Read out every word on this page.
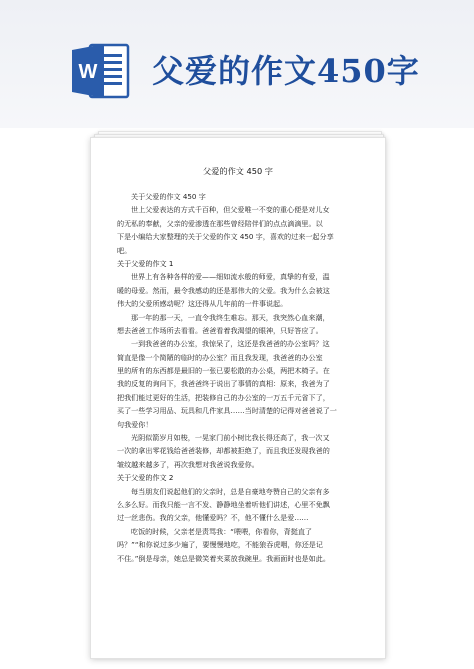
W 父爱的作文450字
父爱的作文 450 字
关于父爱的作文 450 字
世上父爱表达的方式千百种，但父爱唯一不变的重心便是对儿女
的无私的奉献，父亲的爱渗透在那些曾经陪伴们的点点滴滴里。以
下是小编给大家整理的关于父爱的作文 450 字，喜欢的过来一起分享
吧。
关于父爱的作文 1
世界上有各种各样的爱——细如流水般的师爱，真挚的有爱，温
暖的母爱。然而，最令我感动的还是那伟大的父爱。我为什么会被这
伟大的父爱所感动呢？这还得从几年前的一件事说起。
那一年的那一天，一直令我终生难忘。那天，我突然心血来潮，
想去爸爸工作场所去看看。爸爸看着我渴望的眼神，只好答应了。
一到我爸爸的办公室，我惊呆了，这还是我爸爸的办公室吗？这
简直是像一个简陋的临时的办公室？而且我发现，我爸爸的办公室
里的所有的东西都是最旧的一张已要松散的办公桌，两把木椅子。在
我的反复的询问下，我爸爸终于说出了事情的真相：原来，我爸为了
把我们能过更好的生活，把装修自己的办公室的一万五千元省下了，
买了一些学习用品、玩具和几件家具……当时清楚的记得对爸爸说了一
句我爱你！
光阴似箭岁月如梭，一晃家门前小树比我长得还高了，我一次又
一次的拿出零花钱给爸爸装修，却都被拒绝了，而且我还发现我爸的
皱纹越来越多了，再次我想对我爸说我爱你。
关于父爱的作文 2
每当朋友们说起他们的父亲时，总是自豪地夸赞自己的父亲有多
么多么好。而我只能一言不发、静静地坐着听他们讲述，心里不免飘
过一丝悲伤。我的父亲，他懂爱吗？不，他不懂什么是爱……
吃饭的时候，父亲老是责骂我：“喂喂，你看你，背挺直了
吗？”“和你说过多少遍了，要慢慢地吃，不能狼吞虎咽，你还是记
不住。”倒是母亲，她总是微笑着夹菜放我碗里。我画面时也是如此。
